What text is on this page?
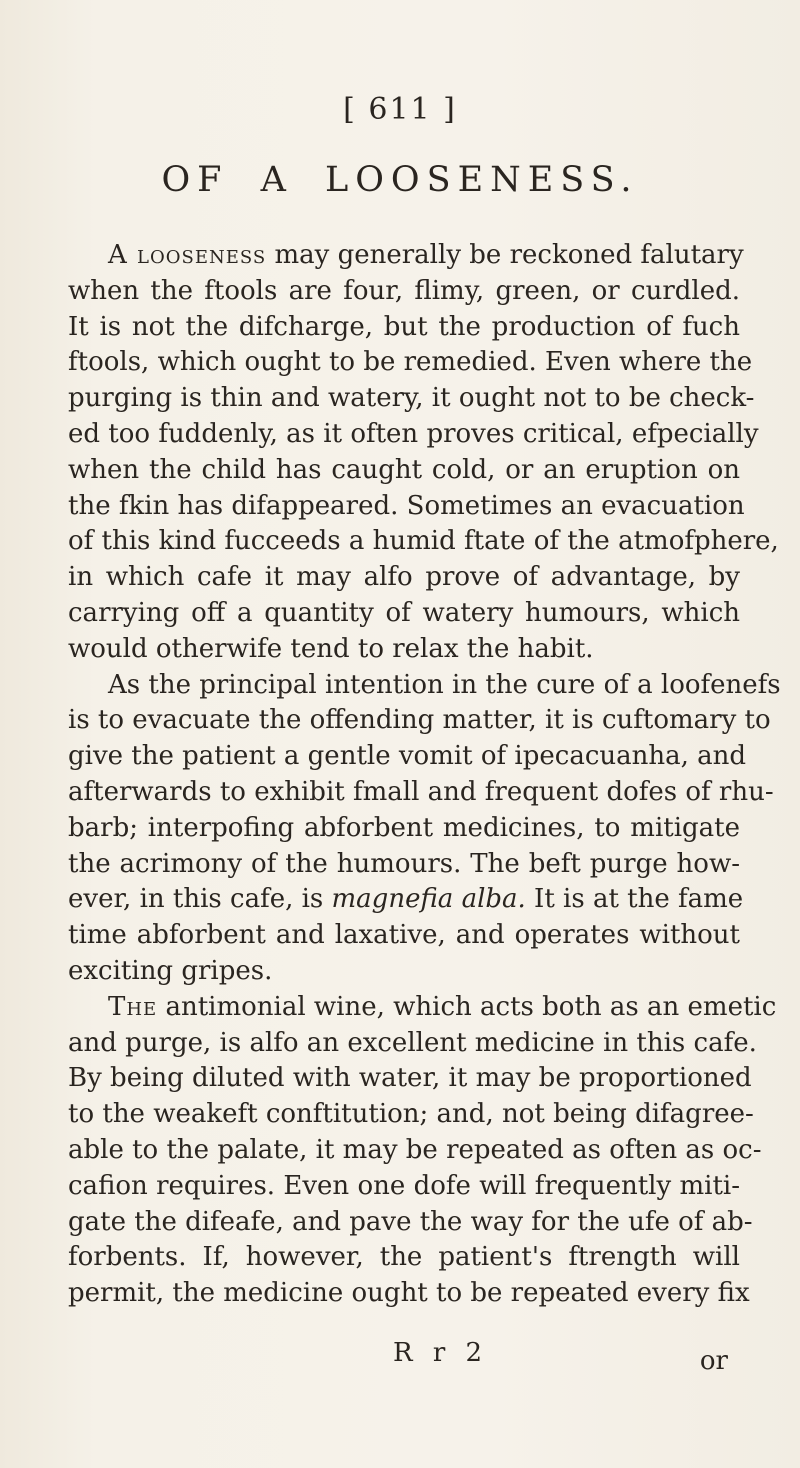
[ 611 ]
OF A LOOSENESS.
A looseness may generally be reckoned falutary
when the ftools are four, flimy, green, or curdled.
It is not the difcharge, but the production of fuch
ftools, which ought to be remedied. Even where the
purging is thin and watery, it ought not to be check-
ed too fuddenly, as it often proves critical, efpecially
when the child has caught cold, or an eruption on
the fkin has difappeared. Sometimes an evacuation
of this kind fucceeds a humid ftate of the atmofphere,
in which cafe it may alfo prove of advantage, by
carrying off a quantity of watery humours, which
would otherwife tend to relax the habit.
As the principal intention in the cure of a loofenefs
is to evacuate the offending matter, it is cuftomary to
give the patient a gentle vomit of ipecacuanha, and
afterwards to exhibit fmall and frequent dofes of rhu-
barb; interpofing abforbent medicines, to mitigate
the acrimony of the humours. The beft purge how-
ever, in this cafe, is magnefia alba. It is at the fame
time abforbent and laxative, and operates without
exciting gripes.
The antimonial wine, which acts both as an emetic
and purge, is alfo an excellent medicine in this cafe.
By being diluted with water, it may be proportioned
to the weakeft conftitution; and, not being difagree-
able to the palate, it may be repeated as often as oc-
cafion requires. Even one dofe will frequently miti-
gate the difeafe, and pave the way for the ufe of ab-
forbents. If, however, the patient's ftrength will
permit, the medicine ought to be repeated every fix
R r 2	or
